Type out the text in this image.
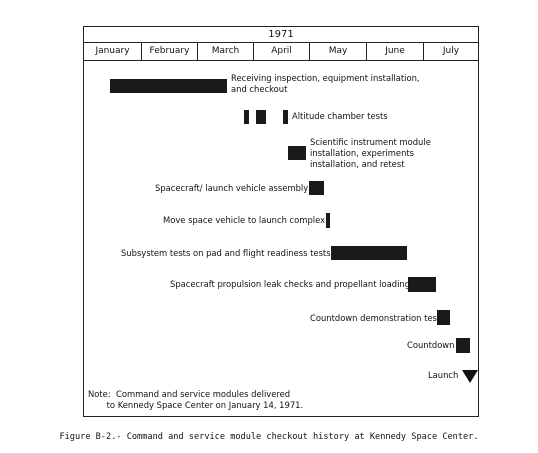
1971
January	February	March	April	May	June	July
Receiving inspection, equipment installation,
and checkout
Altitude chamber tests
Scientific instrument module
installation, experiments
installation, and retest
Spacecraft/ launch vehicle assembly
Move space vehicle to launch complex
Subsystem tests on pad and flight readiness tests
Spacecraft propulsion leak checks and propellant loading
Countdown demonstration test
Countdown
Launch
Note:  Command and service modules delivered
to Kennedy Space Center on January 14, 1971.
Figure B-2.- Command and service module checkout history at Kennedy Space Center.
